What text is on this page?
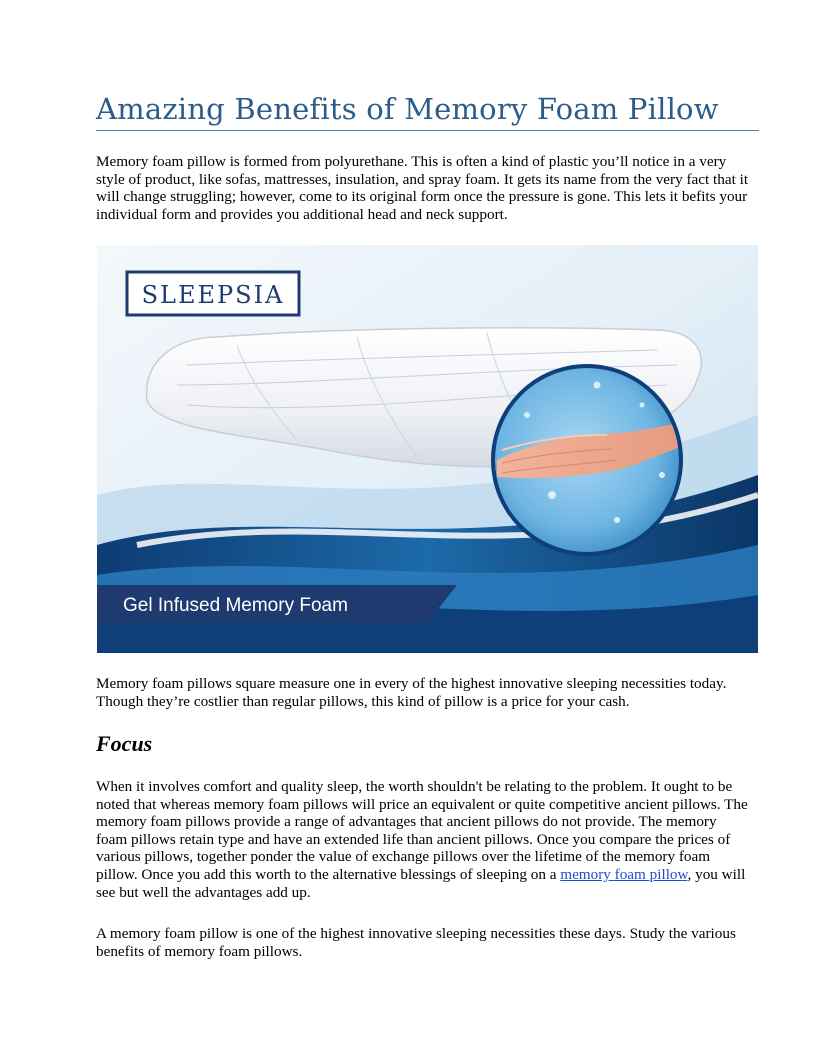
Amazing Benefits of Memory Foam Pillow

Memory foam pillow is formed from polyurethane. This is often a kind of plastic you’ll notice in a very style of product, like sofas, mattresses, insulation, and spray foam. It gets its name from the very fact that it will change struggling; however, come to its original form once the pressure is gone. This lets it befits your individual form and provides you additional head and neck support.

SLEEPSIA
Gel Infused Memory Foam

Memory foam pillows square measure one in every of the highest innovative sleeping necessities today. Though they’re costlier than regular pillows, this kind of pillow is a price for your cash.

Focus

When it involves comfort and quality sleep, the worth shouldn't be relating to the problem. It ought to be noted that whereas memory foam pillows will price an equivalent or quite competitive ancient pillows. The memory foam pillows provide a range of advantages that ancient pillows do not provide. The memory foam pillows retain type and have an extended life than ancient pillows. Once you compare the prices of various pillows, together ponder the value of exchange pillows over the lifetime of the memory foam pillow. Once you add this worth to the alternative blessings of sleeping on a memory foam pillow, you will see but well the advantages add up.

A memory foam pillow is one of the highest innovative sleeping necessities these days. Study the various benefits of memory foam pillows.
